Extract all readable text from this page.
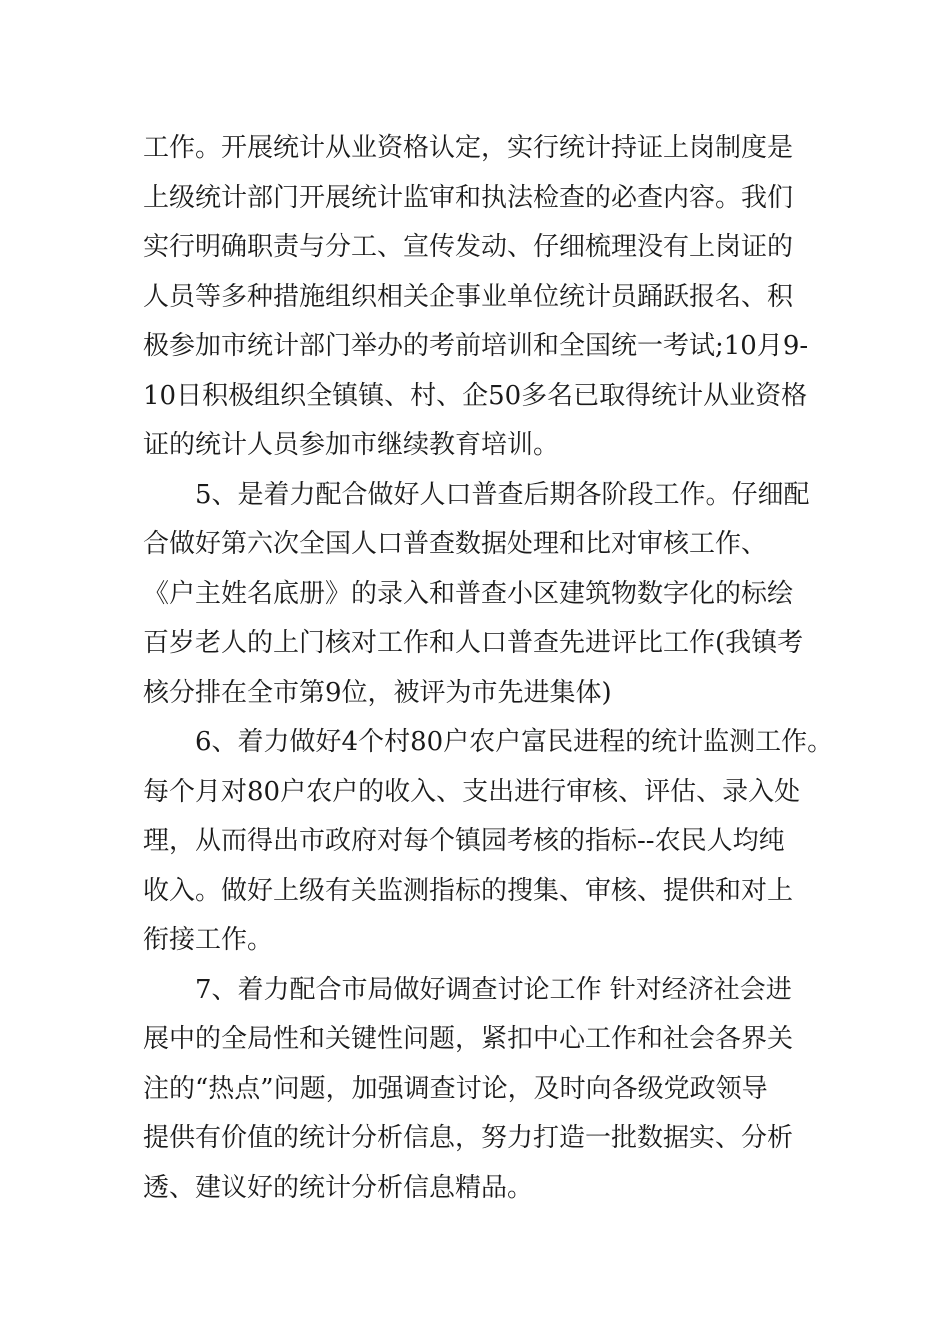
工作。开展统计从业资格认定，实行统计持证上岗制度是
上级统计部门开展统计监审和执法检查的必查内容。我们
实行明确职责与分工、宣传发动、仔细梳理没有上岗证的
人员等多种措施组织相关企事业单位统计员踊跃报名、积
极参加市统计部门举办的考前培训和全国统一考试;10月9-
10日积极组织全镇镇、村、企50多名已取得统计从业资格
证的统计人员参加市继续教育培训。
5、是着力配合做好人口普查后期各阶段工作。仔细配
合做好第六次全国人口普查数据处理和比对审核工作、
《户主姓名底册》的录入和普查小区建筑物数字化的标绘
百岁老人的上门核对工作和人口普查先进评比工作(我镇考
核分排在全市第9位，被评为市先进集体)
6、着力做好4个村80户农户富民进程的统计监测工作。
每个月对80户农户的收入、支出进行审核、评估、录入处
理，从而得出市政府对每个镇园考核的指标--农民人均纯
收入。做好上级有关监测指标的搜集、审核、提供和对上
衔接工作。
7、着力配合市局做好调查讨论工作 针对经济社会进
展中的全局性和关键性问题，紧扣中心工作和社会各界关
注的“热点”问题，加强调查讨论，及时向各级党政领导
提供有价值的统计分析信息，努力打造一批数据实、分析
透、建议好的统计分析信息精品。
